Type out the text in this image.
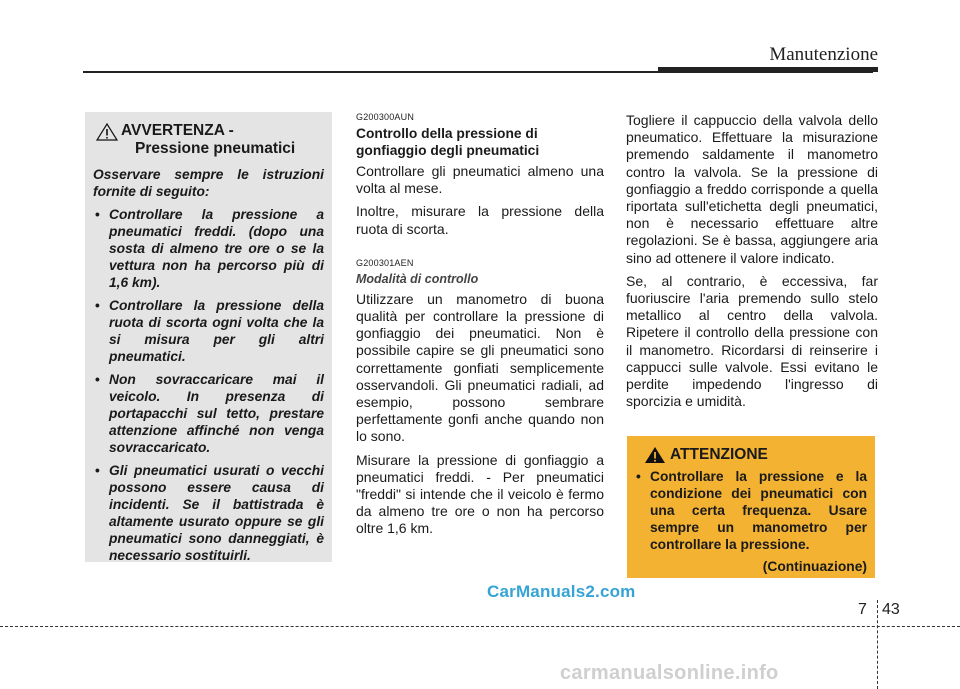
Manutenzione
AVVERTENZA -
Pressione pneumatici
Osservare sempre le istruzioni fornite di seguito:
• Controllare la pressione a pneumatici freddi. (dopo una sosta di almeno tre ore o se la vettura non ha percorso più di 1,6 km).
• Controllare la pressione della ruota di scorta ogni volta che la si misura per gli altri pneumatici.
• Non sovraccaricare mai il veicolo. In presenza di portapacchi sul tetto, prestare attenzione affinché non venga sovraccaricato.
• Gli pneumatici usurati o vecchi possono essere causa di incidenti. Se il battistrada è altamente usurato oppure se gli pneumatici sono danneggiati, è necessario sostituirli.
G200300AUN
Controllo della pressione di gonfiaggio degli pneumatici

Controllare gli pneumatici almeno una volta al mese.

Inoltre, misurare la pressione della ruota di scorta.

G200301AEN
Modalità di controllo

Utilizzare un manometro di buona qualità per controllare la pressione di gonfiaggio dei pneumatici. Non è possibile capire se gli pneumatici sono correttamente gonfiati semplicemente osservandoli. Gli pneumatici radiali, ad esempio, possono sembrare perfettamente gonfi anche quando non lo sono.

Misurare la pressione di gonfiaggio a pneumatici freddi. - Per pneumatici "freddi" si intende che il veicolo è fermo da almeno tre ore o non ha percorso oltre 1,6 km.

Togliere il cappuccio della valvola dello pneumatico. Effettuare la misurazione premendo saldamente il manometro contro la valvola. Se la pressione di gonfiaggio a freddo corrisponde a quella riportata sull'etichetta degli pneumatici, non è necessario effettuare altre regolazioni. Se è bassa, aggiungere aria sino ad ottenere il valore indicato.

Se, al contrario, è eccessiva, far fuoriuscire l'aria premendo sullo stelo metallico al centro della valvola. Ripetere il controllo della pressione con il manometro. Ricordarsi di reinserire i cappucci sulle valvole. Essi evitano le perdite impedendo l'ingresso di sporcizia e umidità.

ATTENZIONE
• Controllare la pressione e la condizione dei pneumatici con una certa frequenza. Usare sempre un manometro per controllare la pressione.
(Continuazione)
CarManuals2.com
7 43
carmanualsonline.info
